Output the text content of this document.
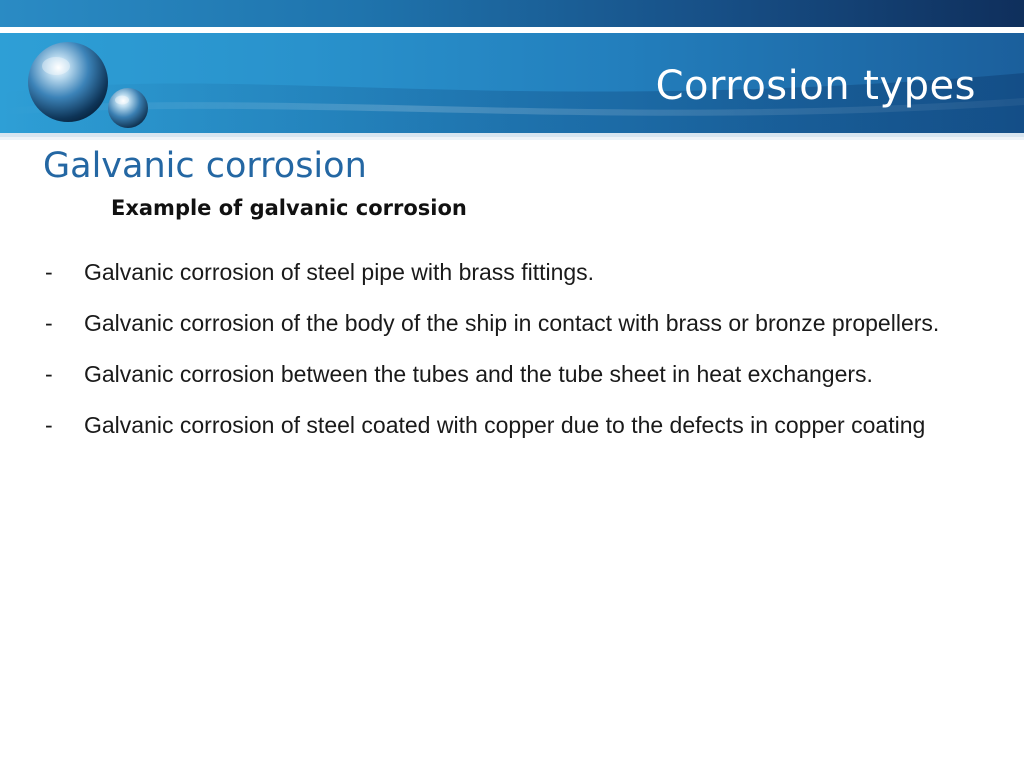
Corrosion types
Galvanic corrosion
Example of galvanic corrosion
- Galvanic corrosion of steel pipe with brass fittings.
- Galvanic corrosion of the body of the ship in contact with brass or bronze propellers.
- Galvanic corrosion between the tubes and the tube sheet in heat exchangers.
- Galvanic corrosion of steel coated with copper due to the defects in copper coating
